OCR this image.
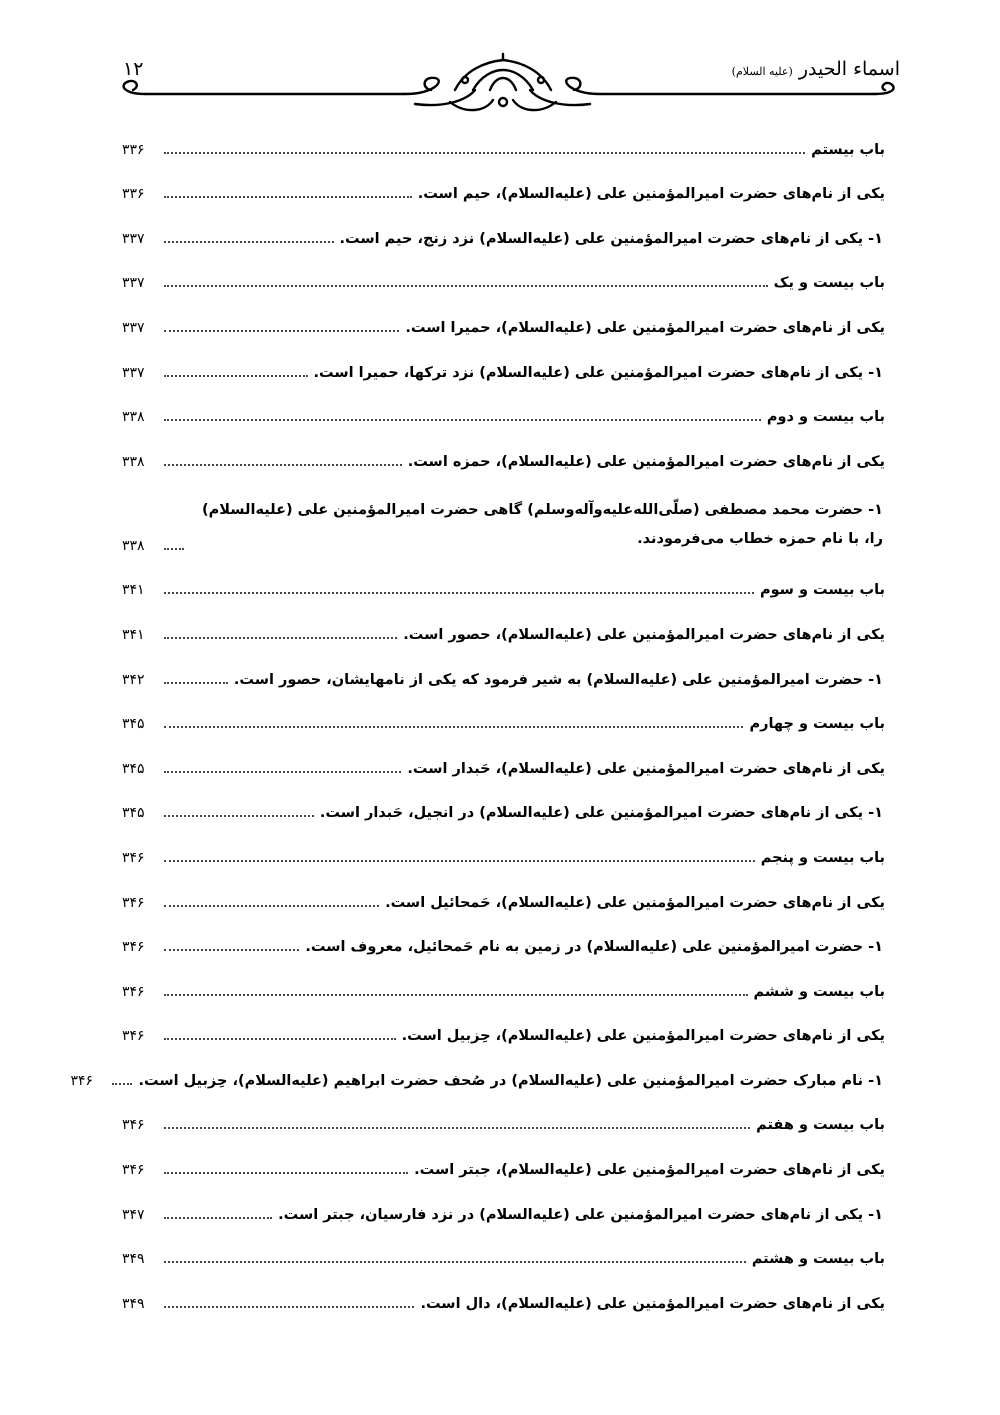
اسماء الحیدر (علیه السلام)
۱۲
باب بیستم
۳۳۶
یکی از نام‌های حضرت امیرالمؤمنین علی (علیه‌السلام)، حیم است.
۳۳۶
۱- یکی از نام‌های حضرت امیرالمؤمنین علی (علیه‌السلام) نزد زنج، حیم است.
۳۳۷
باب بیست و یک
۳۳۷
یکی از نام‌های حضرت امیرالمؤمنین علی (علیه‌السلام)، حمیرا است.
۳۳۷
۱- یکی از نام‌های حضرت امیرالمؤمنین علی (علیه‌السلام) نزد ترکها، حمیرا است.
۳۳۷
باب بیست و دوم
۳۳۸
یکی از نام‌های حضرت امیرالمؤمنین علی (علیه‌السلام)، حمزه است.
۳۳۸
۱- حضرت محمد مصطفی (صلّی‌الله‌علیه‌وآله‌وسلم) گاهی حضرت امیرالمؤمنین علی (علیه‌السلام) را، با نام حمزه خطاب می‌فرمودند.
۳۳۸
باب بیست و سوم
۳۴۱
یکی از نام‌های حضرت امیرالمؤمنین علی (علیه‌السلام)، حصور است.
۳۴۱
۱- حضرت امیرالمؤمنین علی (علیه‌السلام) به شیر فرمود که یکی از نامهایشان، حصور است.
۳۴۲
باب بیست و چهارم
۳۴۵
یکی از نام‌های حضرت امیرالمؤمنین علی (علیه‌السلام)، حَبدار است.
۳۴۵
۱- یکی از نام‌های حضرت امیرالمؤمنین علی (علیه‌السلام) در انجیل، حَبدار است.
۳۴۵
باب بیست و پنجم
۳۴۶
یکی از نام‌های حضرت امیرالمؤمنین علی (علیه‌السلام)، حَمحائیل است.
۳۴۶
۱- حضرت امیرالمؤمنین علی (علیه‌السلام) در زمین به نام حَمحائیل، معروف است.
۳۴۶
باب بیست و ششم
۳۴۶
یکی از نام‌های حضرت امیرالمؤمنین علی (علیه‌السلام)، حِزبیل است.
۳۴۶
۱- نام مبارک حضرت امیرالمؤمنین علی (علیه‌السلام) در صُحف حضرت ابراهیم (علیه‌السلام)، حِزبیل است.
۳۴۶
باب بیست و هفتم
۳۴۶
یکی از نام‌های حضرت امیرالمؤمنین علی (علیه‌السلام)، جبتر است.
۳۴۶
۱- یکی از نام‌های حضرت امیرالمؤمنین علی (علیه‌السلام) در نزد فارسیان، جبتر است.
۳۴۷
باب بیست و هشتم
۳۴۹
یکی از نام‌های حضرت امیرالمؤمنین علی (علیه‌السلام)، دال است.
۳۴۹
